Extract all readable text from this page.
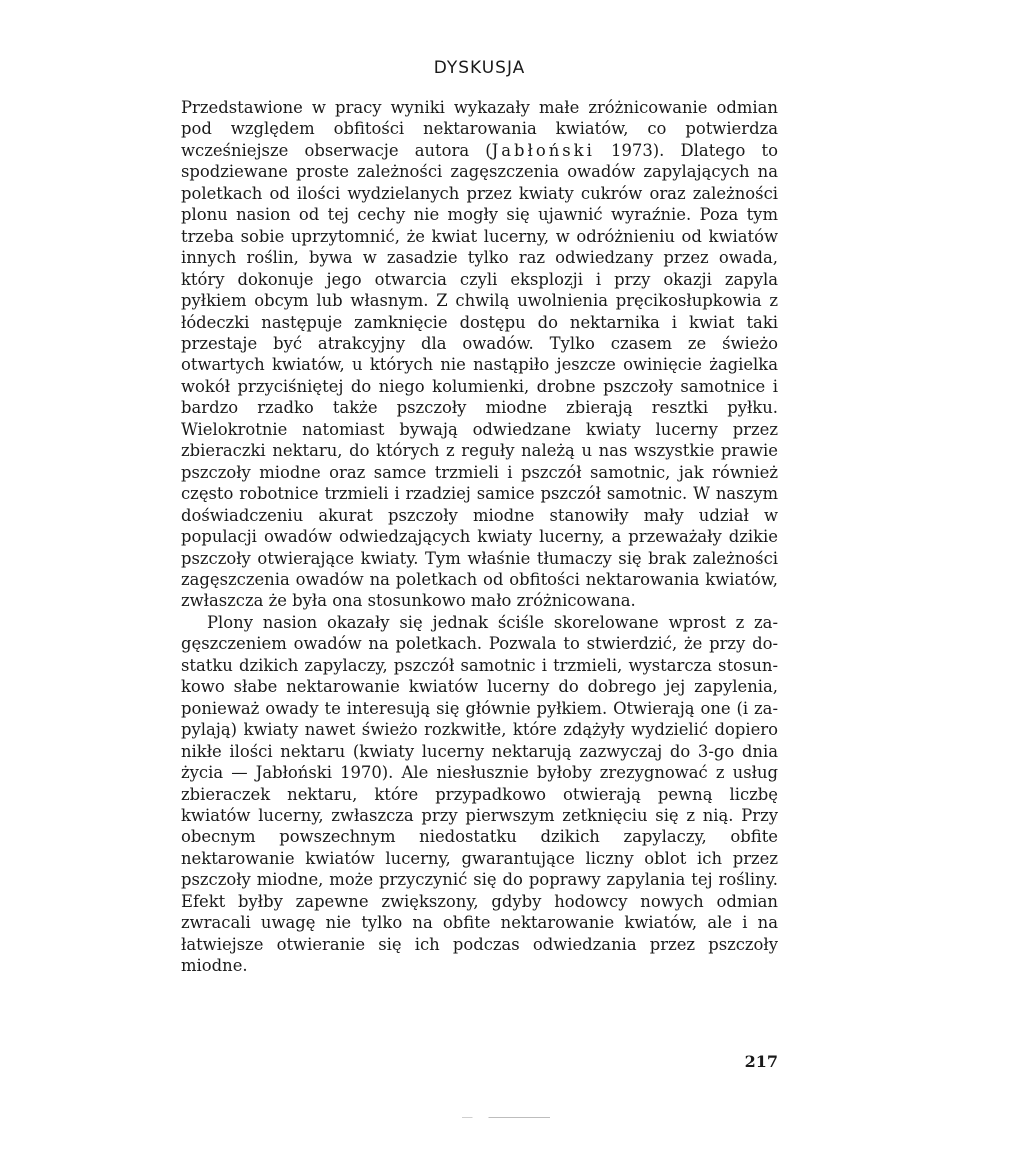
DYSKUSJA

Przedstawione w pracy wyniki wykazały małe zróżnicowanie odmian pod względem obfitości nektarowania kwiatów, co potwierdza wcześniejsze obserwacje autora (Jabłoński 1973). Dlatego to spodziewane proste zależności zagęszczenia owadów zapylających na poletkach od ilości wydzielanych przez kwiaty cukrów oraz zależności plonu nasion od tej cechy nie mogły się ujawnić wyraźnie. Poza tym trzeba sobie uprzytomnić, że kwiat lucerny, w odróżnieniu od kwiatów innych roślin, bywa w zasadzie tylko raz odwiedzany przez owada, który dokonuje jego otwarcia czyli eksplozji i przy okazji zapyla pyłkiem obcym lub własnym. Z chwilą uwolnienia pręcikosłupkowia z łódeczki następuje zamknięcie dostępu do nektarnika i kwiat taki przestaje być atrakcyjny dla owadów. Tylko czasem ze świeżo otwartych kwiatów, u których nie nastąpiło jeszcze owinięcie żagielka wokół przyciśniętej do niego kolumienki, drobne pszczoły samotnice i bardzo rzadko także pszczoły miodne zbierają resztki pyłku. Wielokrotnie natomiast bywają odwiedzane kwiaty lucerny przez zbieraczki nektaru, do których z reguły należą u nas wszystkie prawie pszczoły miodne oraz samce trzmieli i pszczół samotnic, jak również często robotnice trzmieli i rzadziej samice pszczół samotnic. W naszym doświadczeniu akurat pszczoły miodne stanowiły mały udział w populacji owadów odwiedzających kwiaty lucerny, a przeważały dzikie pszczoły otwierające kwiaty. Tym właśnie tłumaczy się brak zależności zagęszczenia owadów na poletkach od obfitości nektarowania kwiatów, zwłaszcza że była ona stosunkowo mało zróżnicowana.

Plony nasion okazały się jednak ściśle skorelowane wprost z zagęszczeniem owadów na poletkach. Pozwala to stwierdzić, że przy dostatku dzikich zapylaczy, pszczół samotnic i trzmieli, wystarcza stosunkowo słabe nektarowanie kwiatów lucerny do dobrego jej zapylenia, ponieważ owady te interesują się głównie pyłkiem. Otwierają one (i zapylają) kwiaty nawet świeżo rozkwitłe, które zdążyły wydzielić dopiero nikłe ilości nektaru (kwiaty lucerny nektarują zazwyczaj do 3-go dnia życia — Jabłoński 1970). Ale niesłusznie byłoby zrezygnować z usług zbieraczek nektaru, które przypadkowo otwierają pewną liczbę kwiatów lucerny, zwłaszcza przy pierwszym zetknięciu się z nią. Przy obecnym powszechnym niedostatku dzikich zapylaczy, obfite nektarowanie kwiatów lucerny, gwarantujące liczny oblot ich przez pszczoły miodne, może przyczynić się do poprawy zapylania tej rośliny. Efekt byłby zapewne zwiększony, gdyby hodowcy nowych odmian zwracali uwagę nie tylko na obfite nektarowanie kwiatów, ale i na łatwiejsze otwieranie się ich podczas odwiedzania przez pszczoły miodne.

217
